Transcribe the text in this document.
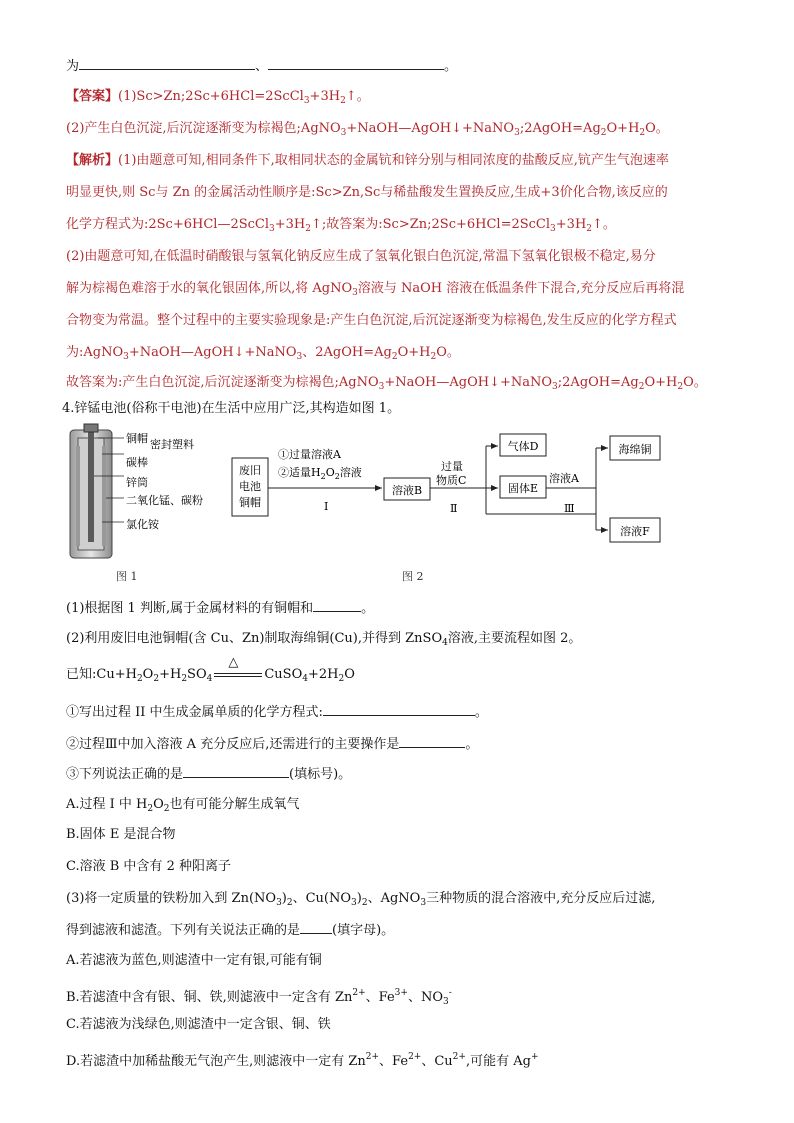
为	、	。
【答案】$(1)Sc>Zn;2Sc+6HCl=2ScCl_3+3H_2↑$。
(2)产生白色沉淀,后沉淀逐渐变为棕褐色$;AgNO_3+NaOH—AgOH↓+NaNO_3;2AgOH=Ag_2O+H_2O$。
【解析】(1)由题意可知,相同条件下,取相同状态的金属钪和锌分别与相同浓度的盐酸反应,钪产生气泡速率
明显更快,则 Sc与 Zn 的金属活动性顺序是:Sc>Zn,Sc与稀盐酸发生置换反应,生成+3价化合物,该反应的
化学方程式为$:2Sc+6HCl—2ScCl_3+3H_2↑$;故答案为$:Sc>Zn;2Sc+6HCl=2ScCl_3+3H_2↑$。
(2)由题意可知,在低温时硝酸银与氢氧化钠反应生成了氢氧化银白色沉淀,常温下氢氧化银极不稳定,易分
解为棕褐色难溶于水的氧化银固体,所以,将 AgNO$_3$溶液与 NaOH 溶液在低温条件下混合,充分反应后再将混
合物变为常温。整个过程中的主要实验现象是:产生白色沉淀,后沉淀逐渐变为棕褐色,发生反应的化学方程式
为:AgNO$_3$+NaOH—AgOH↓+NaNO$_3$、$2AgOH=Ag_2O+H_2O$。
故答案为:产生白色沉淀,后沉淀逐渐变为棕褐色$;AgNO_3+NaOH—AgOH↓+NaNO_3;2AgOH=Ag_2O+H_2O$。
4.锌锰电池(俗称干电池)在生活中应用广泛,其构造如图 1。
铜帽 密封塑料
碳棒
锌筒
二氧化锰、碳粉
氯化铵
废旧
电池
铜帽
①过量溶液A
②适量$H_2O_2$溶液
I
溶液B
过量
物质C
Ⅱ
气体D
固体E
溶液A
Ⅲ
海绵铜
溶液F
图 1	图 2
(1)根据图 1 判断,属于金属材料的有铜帽和	。
(2)利用废旧电池铜帽(含 Cu、Zn)制取海绵铜(Cu),并得到 ZnSO$_4$溶液,主要流程如图 2。
已知$:Cu+H_2O_2+H_2SO_4$
△
$CuSO_4+2H_2O$
①写出过程 II 中生成金属单质的化学方程式:	。
②过程Ⅲ中加入溶液 A 充分反应后,还需进行的主要操作是	。
③下列说法正确的是	(填标号)。
A.过程 I 中 $H_2O_2$也有可能分解生成氧气
B.固体 E 是混合物
C.溶液 B 中含有 2 种阳离子
(3)将一定质量的铁粉加入到 $Zn(NO_3)_2$、$Cu(NO_3)_2$、AgNO$_3$三种物质的混合溶液中,充分反应后过滤,
得到滤液和滤渣。下列有关说法正确的是 (填字母)。
A.若滤液为蓝色,则滤渣中一定有银,可能有铜
B.若滤渣中含有银、铜、铁,则滤液中一定含有 $Zn^{2+}$、$Fe^{3+}$、$NO_3^-$
C.若滤液为浅绿色,则滤渣中一定含银、铜、铁
D.若滤渣中加稀盐酸无气泡产生,则滤液中一定有 $Zn^{2+}$、$Fe^{2+}$、$Cu^{2+}$,可能有 Ag+
